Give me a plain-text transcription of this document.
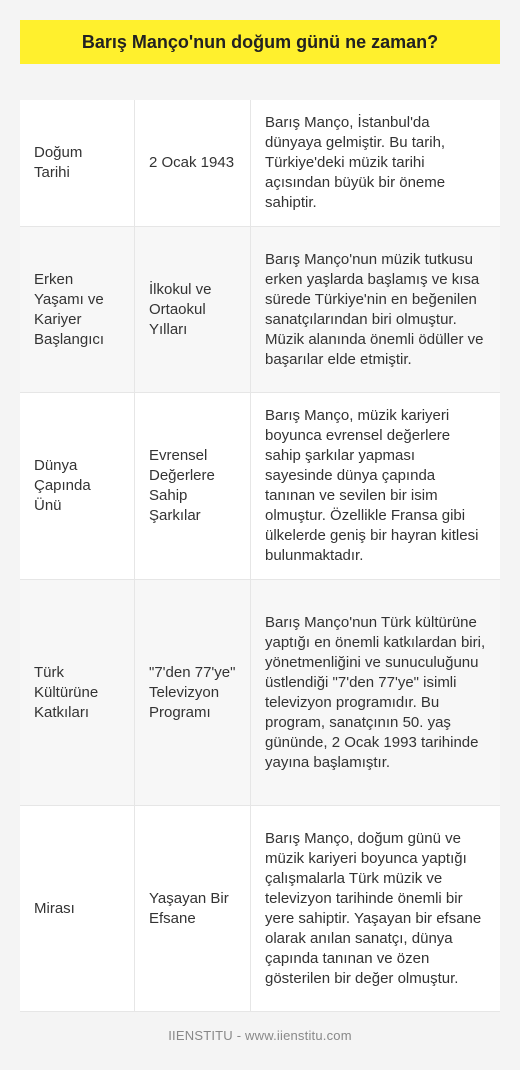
Barış Manço'nun doğum günü ne zaman?
Doğum Tarihi
2 Ocak 1943
Barış Manço, İstanbul'da dünyaya gelmiştir. Bu tarih, Türkiye'deki müzik tarihi açısından büyük bir öneme sahiptir.
Erken Yaşamı ve Kariyer Başlangıcı
İlkokul ve Ortaokul Yılları
Barış Manço'nun müzik tutkusu erken yaşlarda başlamış ve kısa sürede Türkiye'nin en beğenilen sanatçılarından biri olmuştur. Müzik alanında önemli ödüller ve başarılar elde etmiştir.
Dünya Çapında Ünü
Evrensel Değerlere Sahip Şarkılar
Barış Manço, müzik kariyeri boyunca evrensel değerlere sahip şarkılar yapması sayesinde dünya çapında tanınan ve sevilen bir isim olmuştur. Özellikle Fransa gibi ülkelerde geniş bir hayran kitlesi bulunmaktadır.
Türk Kültürüne Katkıları
"7'den 77'ye" Televizyon Programı
Barış Manço'nun Türk kültürüne yaptığı en önemli katkılardan biri, yönetmenliğini ve sunuculuğunu üstlendiği "7'den 77'ye" isimli televizyon programıdır. Bu program, sanatçının 50. yaş gününde, 2 Ocak 1993 tarihinde yayına başlamıştır.
Mirası
Yaşayan Bir Efsane
Barış Manço, doğum günü ve müzik kariyeri boyunca yaptığı çalışmalarla Türk müzik ve televizyon tarihinde önemli bir yere sahiptir. Yaşayan bir efsane olarak anılan sanatçı, dünya çapında tanınan ve özen gösterilen bir değer olmuştur.
IIENSTITU - www.iienstitu.com
